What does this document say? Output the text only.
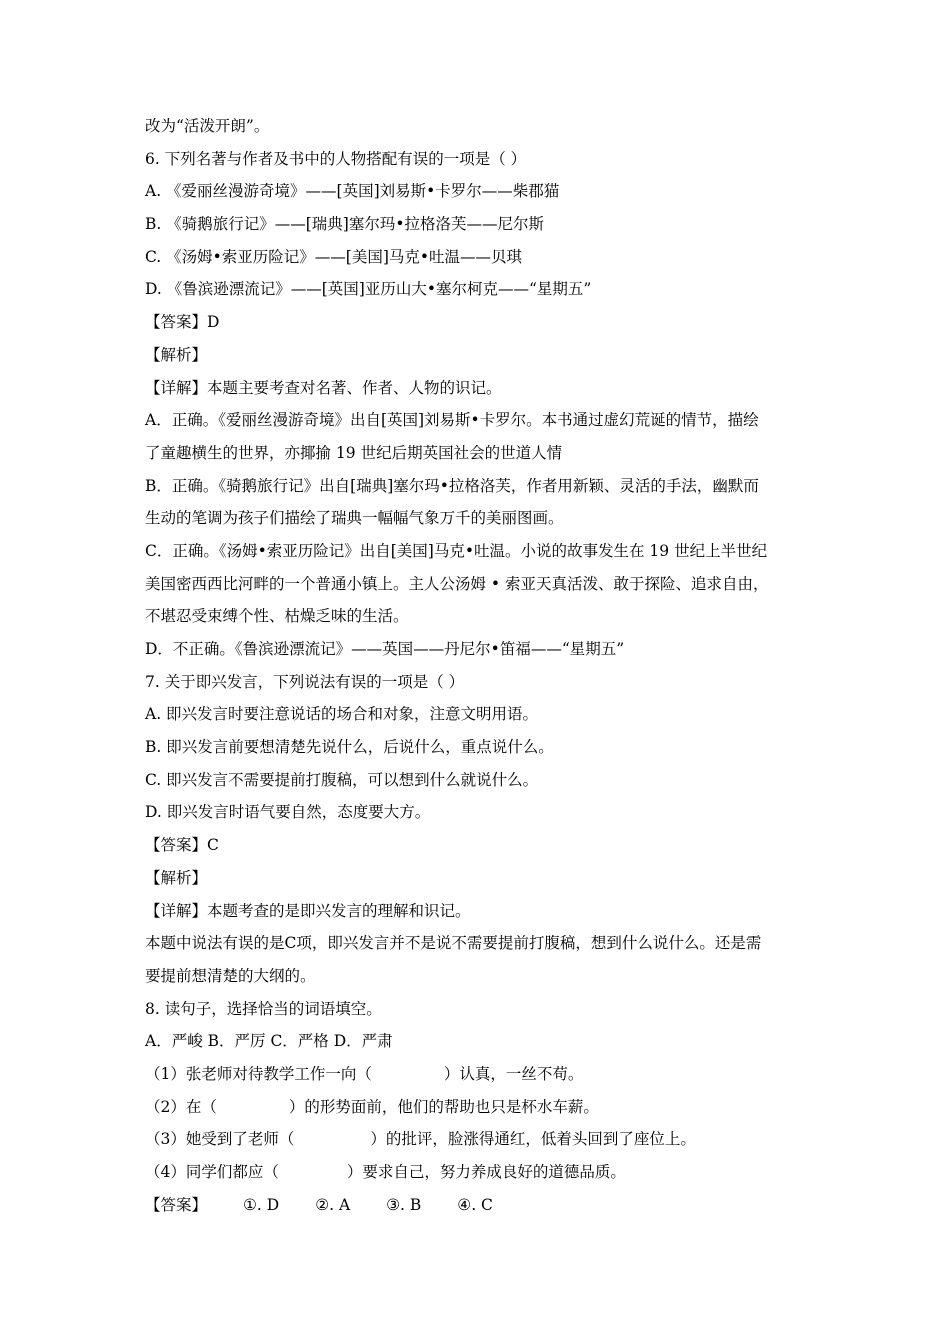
改为“活泼开朗”。
6. 下列名著与作者及书中的人物搭配有误的一项是（ ）
A. 《爱丽丝漫游奇境》——[英国]刘易斯•卡罗尔——柴郡猫
B. 《骑鹅旅行记》——[瑞典]塞尔玛•拉格洛芙——尼尔斯
C. 《汤姆•索亚历险记》——[美国]马克•吐温——贝琪
D. 《鲁滨逊漂流记》——[英国]亚历山大•塞尔柯克——“星期五”
【答案】D
【解析】
【详解】本题主要考查对名著、作者、人物的识记。
A．正确。《爱丽丝漫游奇境》出自[英国]刘易斯•卡罗尔。本书通过虚幻荒诞的情节，描绘
了童趣横生的世界，亦揶揄 19 世纪后期英国社会的世道人情
B．正确。《骑鹅旅行记》出自[瑞典]塞尔玛•拉格洛芙，作者用新颖、灵活的手法，幽默而
生动的笔调为孩子们描绘了瑞典一幅幅气象万千的美丽图画。
C．正确。《汤姆•索亚历险记》出自[美国]马克•吐温。小说的故事发生在 19 世纪上半世纪
美国密西西比河畔的一个普通小镇上。主人公汤姆 • 索亚天真活泼、敢于探险、追求自由，
不堪忍受束缚个性、枯燥乏味的生活。
D．不正确。《鲁滨逊漂流记》——英国——丹尼尔•笛福——“星期五”
7. 关于即兴发言，下列说法有误的一项是（ ）
A. 即兴发言时要注意说话的场合和对象，注意文明用语。
B. 即兴发言前要想清楚先说什么，后说什么，重点说什么。
C. 即兴发言不需要提前打腹稿，可以想到什么就说什么。
D. 即兴发言时语气要自然，态度要大方。
【答案】C
【解析】
【详解】本题考查的是即兴发言的理解和识记。
本题中说法有误的是C项，即兴发言并不是说不需要提前打腹稿，想到什么说什么。还是需
要提前想清楚的大纲的。
8. 读句子，选择恰当的词语填空。
A．严峻 B．严厉 C．严格 D．严肃
（1）张老师对待教学工作一向（	）认真，一丝不苟。
（2）在（	）的形势面前，他们的帮助也只是杯水车薪。
（3）她受到了老师（	）的批评，脸涨得通红，低着头回到了座位上。
（4）同学们都应（	）要求自己，努力养成良好的道德品质。
【答案】 ①. D ②. A ③. B ④. C
